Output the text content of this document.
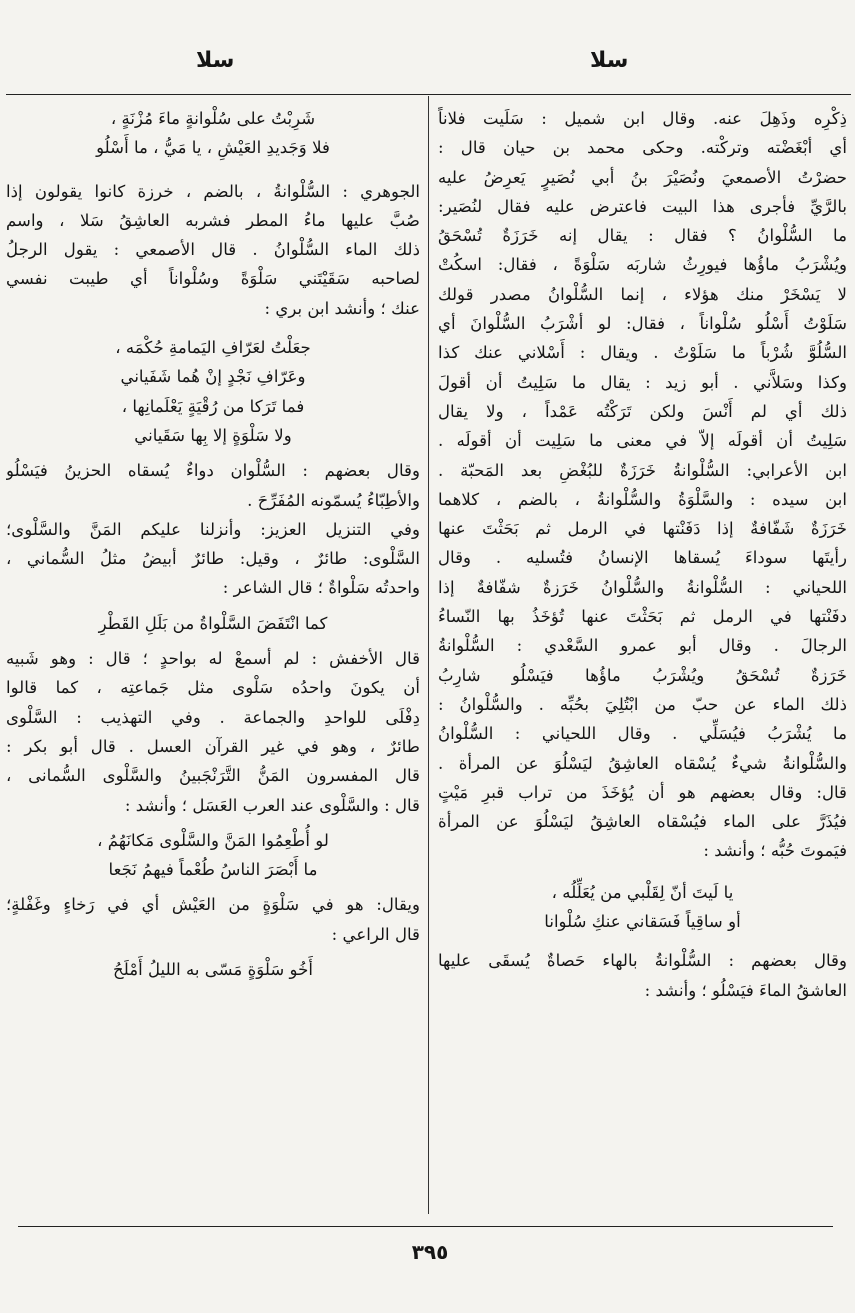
سلا
سلا

ذِكْرِه وذَهِلَ عنه. وقال ابن شميل : سَلَيت فلاناً
أي أبْغَضْته وتركْته. وحكى محمد بن حيان قال :
حضرْتُ الأصمعيَ ونُصَيْرَ بنُ أبي نُصَيرٍ يَعرِضُ عليه
بالرَّيِّ فأجرى هذا البيت فاعترض عليه فقال لنُصَير:
ما السُّلْوانُ ؟ فقال : يقال إنه خَرَزَةٌ تُسْحَقُ
ويُشْرَبُ ماؤُها فيورِثُ شاربَه سَلْوَةً ، فقال: اسكُتْ
لا يَسْخَرْ منك هؤلاء ، إنما السُّلْوانُ مصدر قولك
سَلَوْتُ أَسْلُو سُلْواناً ، فقال: لو أشْرَبُ السُّلْوانَ أي
السُّلُوَّ شُرْباً ما سَلَوْتُ . ويقال : أَسْلاني عنك كذا
وكذا وسَلاَّني . أبو زيد : يقال ما سَلِيتُ أن أقولَ
ذلك أي لم أَنْسَ ولكن تَرَكْتُه عَمْداً ، ولا يقال
سَلِيتُ أن أقولَه إلاّ في معنى ما سَلِيت أن أقولَه .
ابن الأعرابي: السُّلْوانةُ خَرَزَةٌ للبُغْضِ بعد المَحبّة .
ابن سيده : والسَّلْوَةُ والسُّلْوانةُ ، بالضم ، كلاهما
خَرَزَةٌ شَفّافةٌ إذا دَفَنْتها في الرمل ثم بَحَثْتَ عنها
رأيتَها سوداءَ يُسقاها الإنسانُ فتُسليه . وقال
اللحياني : السُّلْوانةُ والسُّلْوانُ خَرَزةٌ شفّافةٌ إذا
دفَنْتها في الرمل ثم بَحَثْتَ عنها تُؤخَذُ بها النّساءُ
الرجالَ . وقال أبو عمرو السَّعْدي : السُّلْوانةُ
خَرَزةٌ تُسْحَقُ ويُشْرَبُ ماؤُها فيَسْلُو شارِبُ
ذلك الماء عن حبّ من ابْتُلِيَ بحُبِّه . والسُّلْوانُ :
ما يُشْرَبُ فيُسَلِّي . وقال اللحياني : السُّلْوانُ
والسُّلْوانةُ شيءٌ يُسْقاه العاشِقُ ليَسْلُوَ عن المرأة .
قال: وقال بعضهم هو أن يُؤخَذَ من تراب قبرِ مَيْتٍ
فيُذَرَّ على الماء فيُسْقاه العاشِقُ ليَسْلُوَ عن المرأة
فيَموتَ حُبُّه ؛ وأنشد :

يا لَيتَ أنّ لِقَلْبي من يُعَلِّلُه ،
أو ساقِياً فَسَقاني عنكِ سُلْوانا

وقال بعضهم : السُّلْوانةُ بالهاء حَصاةٌ يُسقَى عليها
العاشقُ الماءَ فيَسْلُو ؛ وأنشد :

شَرِبْتُ على سُلْوانةٍ ماءَ مُزْنَةٍ ،
فلا وَجَديدِ العَيْشِ ، يا مَيُّ ، ما أَسْلُو

الجوهري : السُّلْوانةُ ، بالضم ، خرزة كانوا يقولون إذا
صُبَّ عليها ماءُ المطر فشربه العاشِقُ سَلا ، واسم
ذلك الماء السُّلْوانُ . قال الأصمعي : يقول الرجلُ
لصاحبه سَقَيْتَني سَلْوَةً وسُلْواناً أي طيبت نفسي
عنك ؛ وأنشد ابن بري :

جعَلْتُ لعَرّافِ اليَمامةِ حُكْمَه ،
وعَرّافِ نَجْدٍ إنْ هُما شَفَياني
فما تَرَكا من رُقْيَةٍ يَعْلَمانِها ،
ولا سَلْوَةٍ إلا بِها سَقَياني

وقال بعضهم : السُّلْوان دواءٌ يُسقاه الحزينُ فيَسْلُو
والأطِبّاءُ يُسمّونه المُفَرِّحَ .
وفي التنزيل العزيز: وأنزلنا عليكم المَنَّ والسَّلْوى؛
السَّلْوى: طائرٌ ، وقيل: طائرٌ أبيضُ مثلُ السُّماني ،
واحدتُه سَلْواةٌ ؛ قال الشاعر :

كما انْتَفَضَ السَّلْواةُ من بَلَلِ القَطْرِ

قال الأخفش : لم أسمعْ له بواحدٍ ؛ قال : وهو شَبيه
أن يكونَ واحدُه سَلْوى مثل جَماعتِه ، كما قالوا
دِفْلَى للواحدِ والجماعة . وفي التهذيب : السَّلْوى
طائرٌ ، وهو في غير القرآن العسل . قال أبو بكر :
قال المفسرون المَنُّ التَّرَنْجَبينُ والسَّلْوى السُّمانى ،
قال : والسَّلْوى عند العرب العَسَل ؛ وأنشد :

لو أُطْعِمُوا المَنَّ والسَّلْوى مَكانَهُمُ ،
ما أَبْصَرَ الناسُ طُعْماً فيهمُ نَجَعا

ويقال: هو في سَلْوَةٍ من العَيْش أي في رَخاءٍ وغَفْلةٍ؛
قال الراعي :

أَخُو سَلْوَةٍ مَسّى به الليلُ أَمْلَحُ

٣٩٥
